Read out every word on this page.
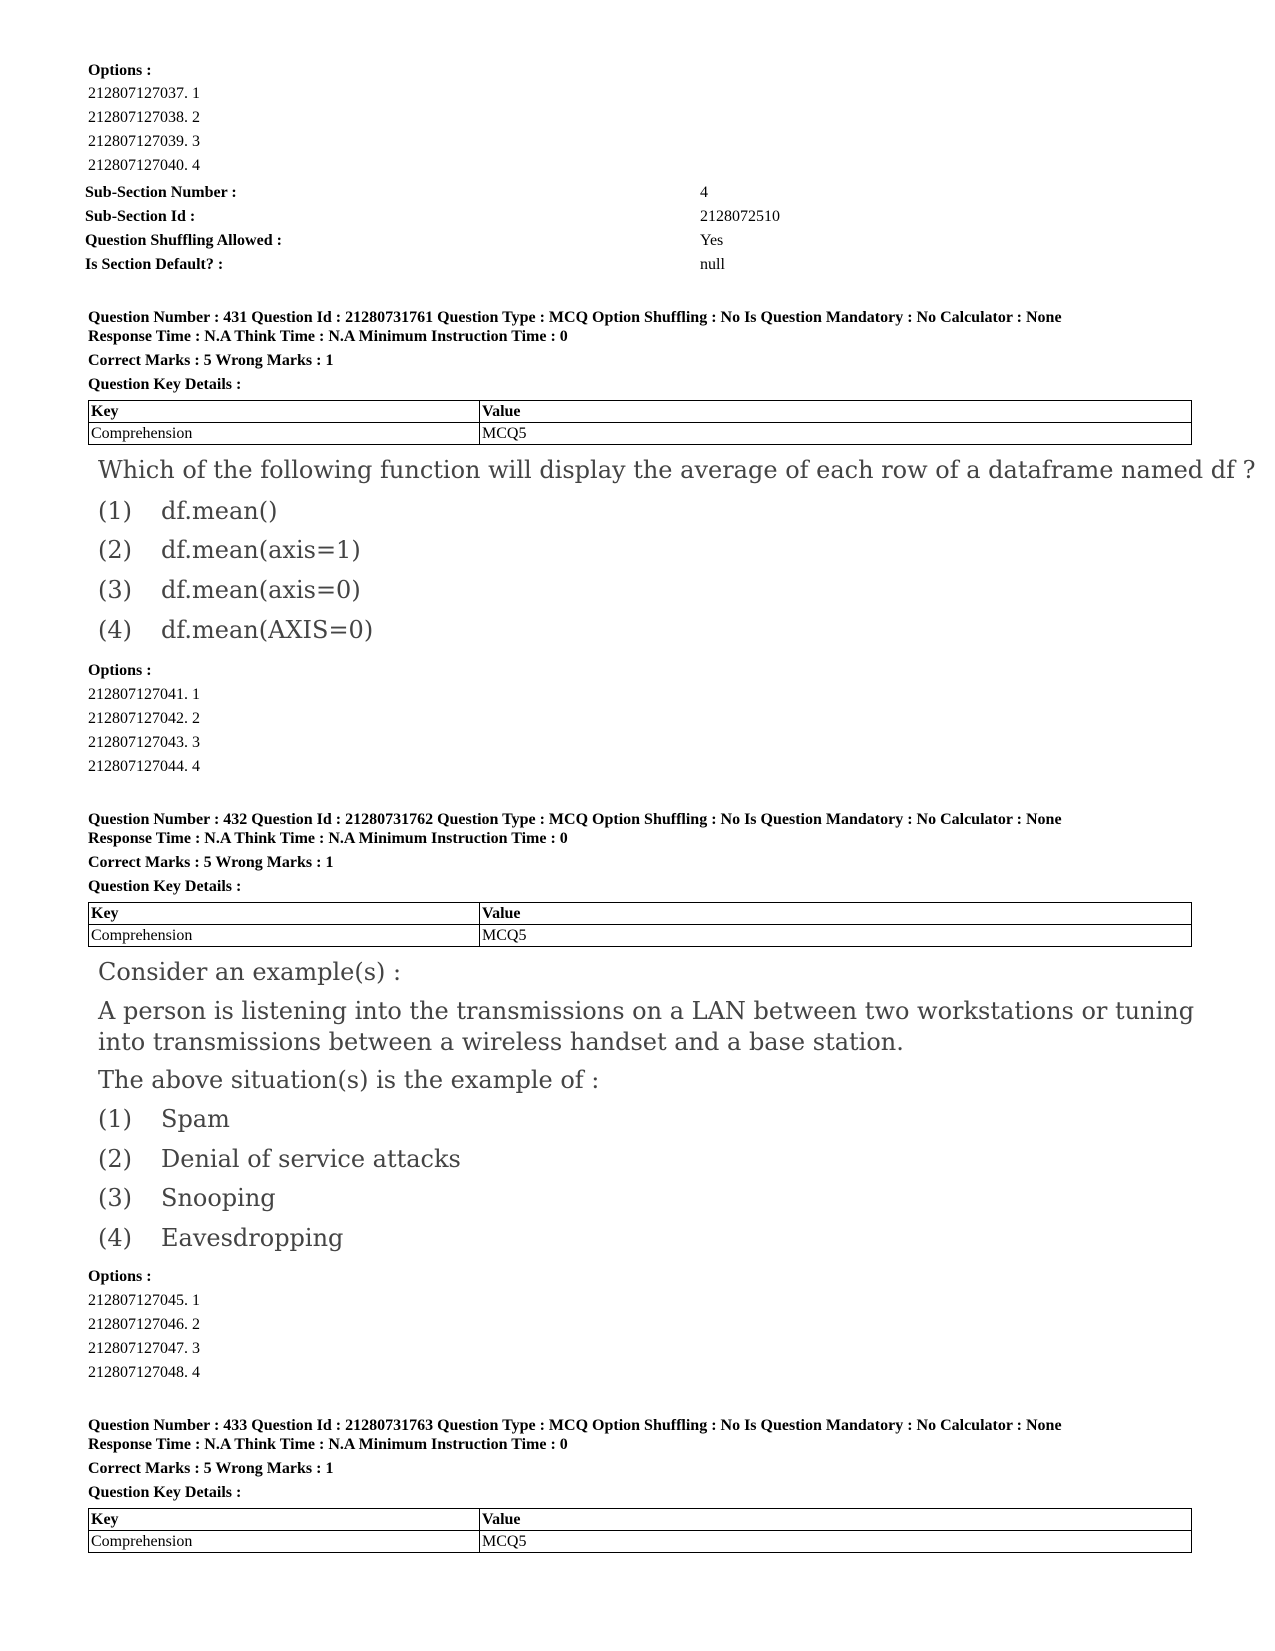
Options :
212807127037. 1
212807127038. 2
212807127039. 3
212807127040. 4
Sub-Section Number :	4
Sub-Section Id :	2128072510
Question Shuffling Allowed :	Yes
Is Section Default? :	null
Question Number : 431 Question Id : 21280731761 Question Type : MCQ Option Shuffling : No Is Question Mandatory : No Calculator : None
Response Time : N.A Think Time : N.A Minimum Instruction Time : 0
Correct Marks : 5 Wrong Marks : 1
Question Key Details :
Key	Value
Comprehension	MCQ5
Which of the following function will display the average of each row of a dataframe named df ?
(1) df.mean()
(2) df.mean(axis=1)
(3) df.mean(axis=0)
(4) df.mean(AXIS=0)
Options :
212807127041. 1
212807127042. 2
212807127043. 3
212807127044. 4
Question Number : 432 Question Id : 21280731762 Question Type : MCQ Option Shuffling : No Is Question Mandatory : No Calculator : None
Response Time : N.A Think Time : N.A Minimum Instruction Time : 0
Correct Marks : 5 Wrong Marks : 1
Question Key Details :
Key	Value
Comprehension	MCQ5
Consider an example(s) :
A person is listening into the transmissions on a LAN between two workstations or tuning into transmissions between a wireless handset and a base station.
The above situation(s) is the example of :
(1) Spam
(2) Denial of service attacks
(3) Snooping
(4) Eavesdropping
Options :
212807127045. 1
212807127046. 2
212807127047. 3
212807127048. 4
Question Number : 433 Question Id : 21280731763 Question Type : MCQ Option Shuffling : No Is Question Mandatory : No Calculator : None
Response Time : N.A Think Time : N.A Minimum Instruction Time : 0
Correct Marks : 5 Wrong Marks : 1
Question Key Details :
Key	Value
Comprehension	MCQ5
